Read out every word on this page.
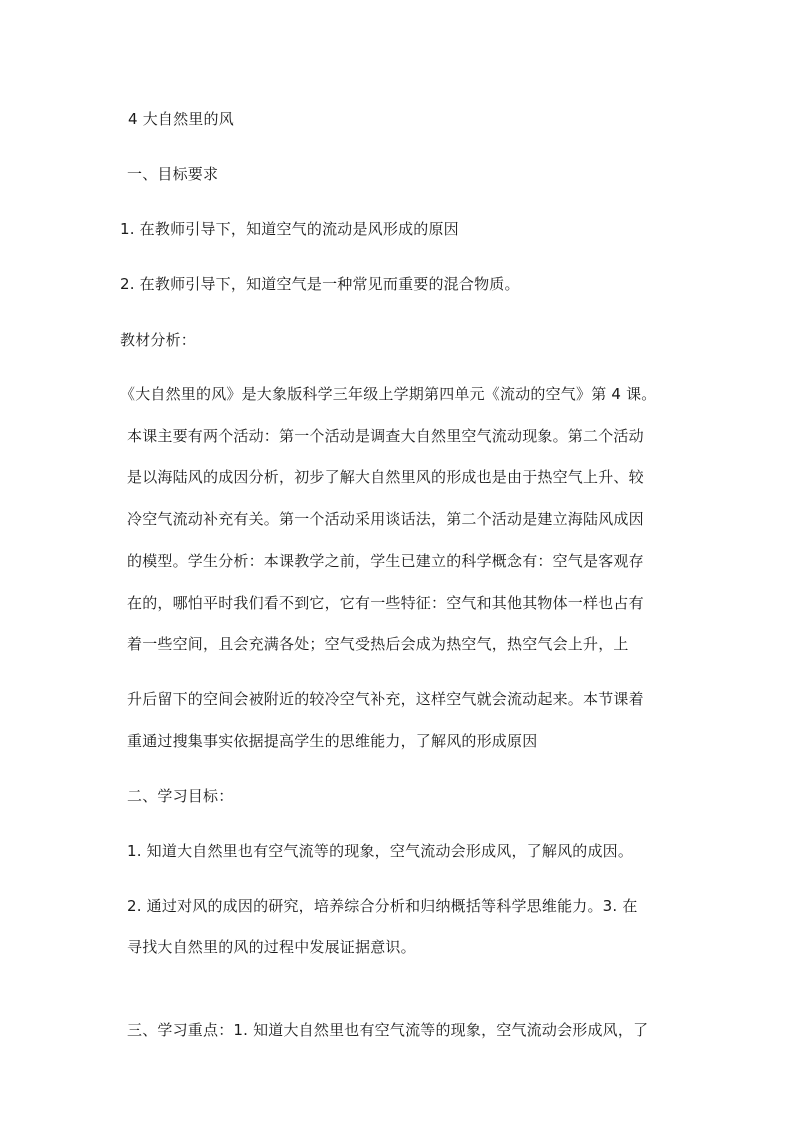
4 大自然里的风
一、目标要求
1. 在教师引导下，知道空气的流动是风形成的原因
2. 在教师引导下，知道空气是一种常见而重要的混合物质。
教材分析：
《大自然里的风》是大象版科学三年级上学期第四单元《流动的空气》第 4 课。
本课主要有两个活动：第一个活动是调查大自然里空气流动现象。第二个活动
是以海陆风的成因分析，初步了解大自然里风的形成也是由于热空气上升、较
冷空气流动补充有关。第一个活动采用谈话法，第二个活动是建立海陆风成因
的模型。学生分析：本课教学之前，学生已建立的科学概念有：空气是客观存
在的，哪怕平时我们看不到它，它有一些特征：空气和其他其物体一样也占有
着一些空间，且会充满各处；空气受热后会成为热空气，热空气会上升，上
升后留下的空间会被附近的较冷空气补充，这样空气就会流动起来。本节课着
重通过搜集事实依据提高学生的思维能力，了解风的形成原因
二、学习目标：
1. 知道大自然里也有空气流等的现象，空气流动会形成风，了解风的成因。
2. 通过对风的成因的研究，培养综合分析和归纳概括等科学思维能力。3. 在
寻找大自然里的风的过程中发展证据意识。
三、学习重点：1. 知道大自然里也有空气流等的现象，空气流动会形成风，了
